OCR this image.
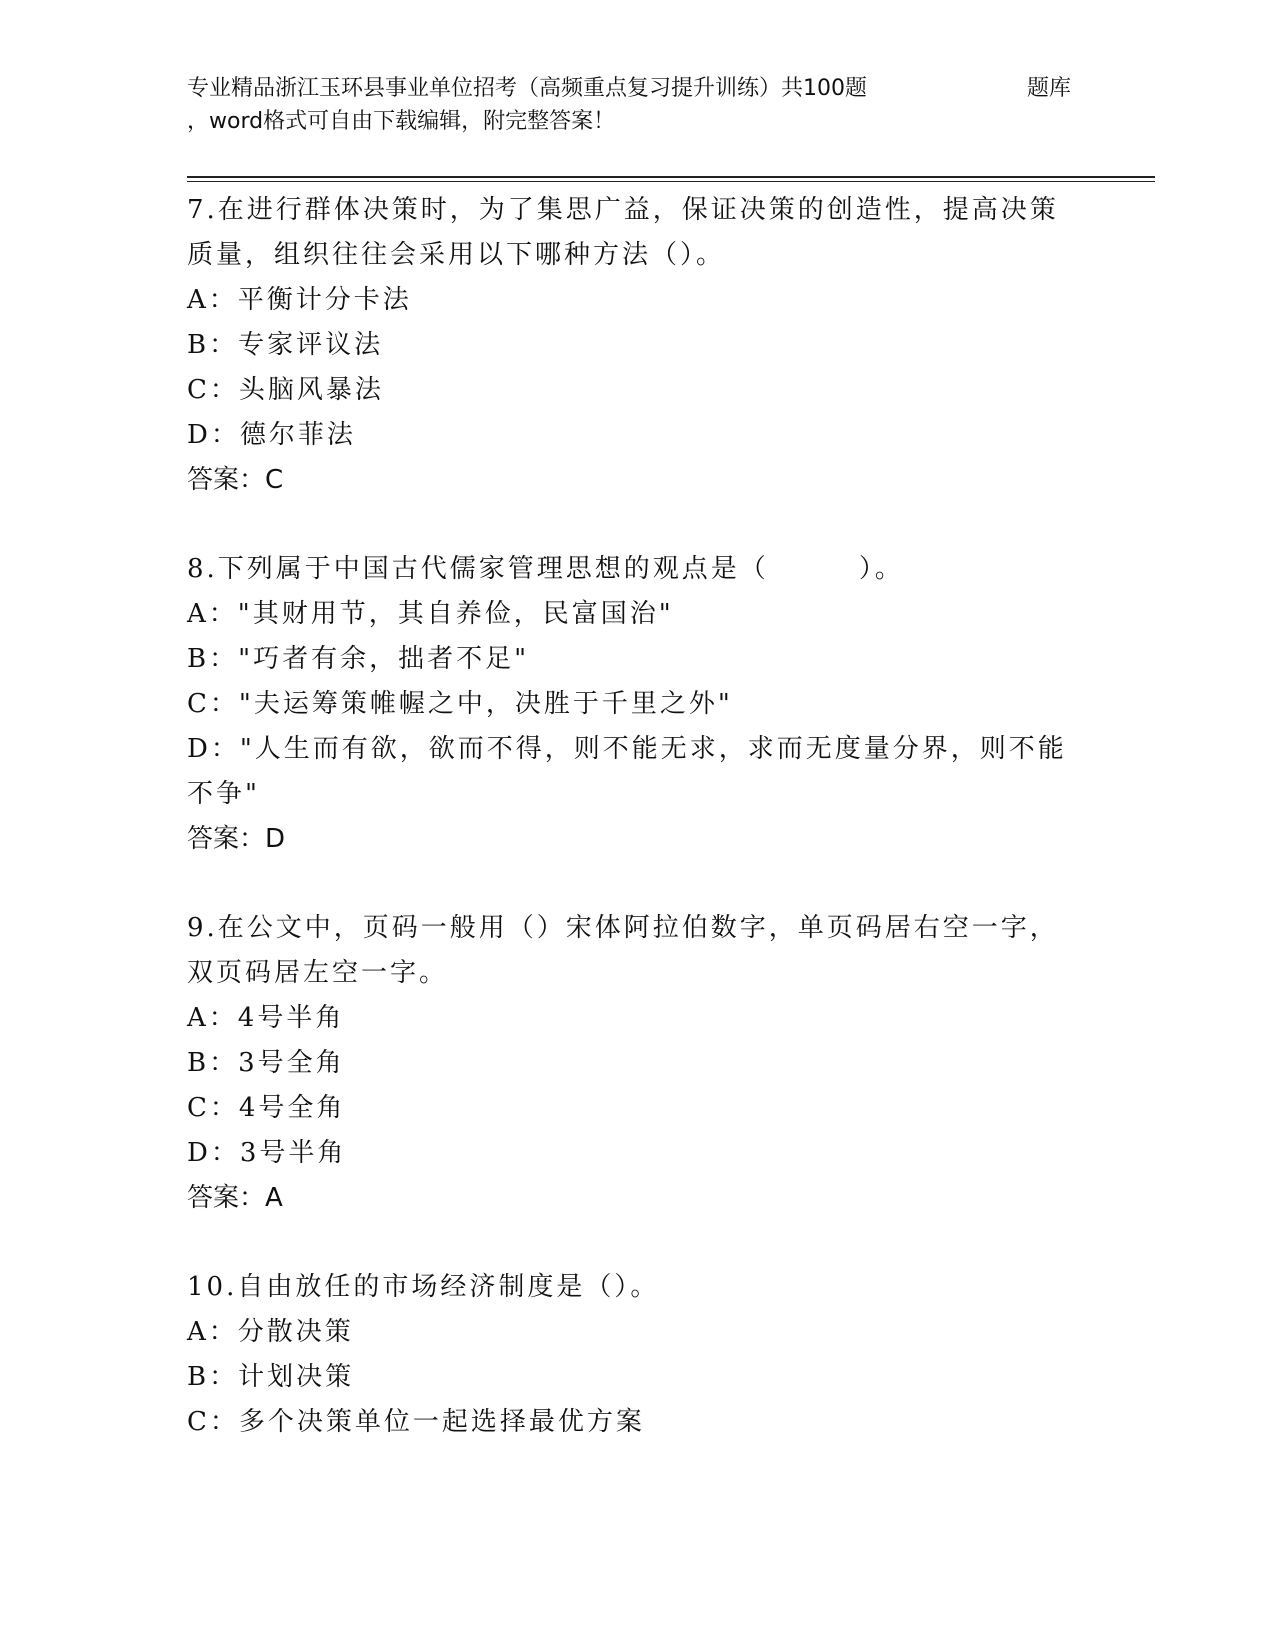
专业精品浙江玉环县事业单位招考（高频重点复习提升训练）共100题	题库
，word格式可自由下载编辑，附完整答案！
7.在进行群体决策时，为了集思广益，保证决策的创造性，提高决策
质量，组织往往会采用以下哪种方法（）。
A：平衡计分卡法
B：专家评议法
C：头脑风暴法
D：德尔菲法
答案：C
8.下列属于中国古代儒家管理思想的观点是（        ）。
A："其财用节，其自养俭，民富国治"
B："巧者有余，拙者不足"
C："夫运筹策帷幄之中，决胜于千里之外"
D："人生而有欲，欲而不得，则不能无求，求而无度量分界，则不能
不争"
答案：D
9.在公文中，页码一般用（）宋体阿拉伯数字，单页码居右空一字，
双页码居左空一字。
A：4号半角
B：3号全角
C：4号全角
D：3号半角
答案：A
10.自由放任的市场经济制度是（）。
A：分散决策
B：计划决策
C：多个决策单位一起选择最优方案
